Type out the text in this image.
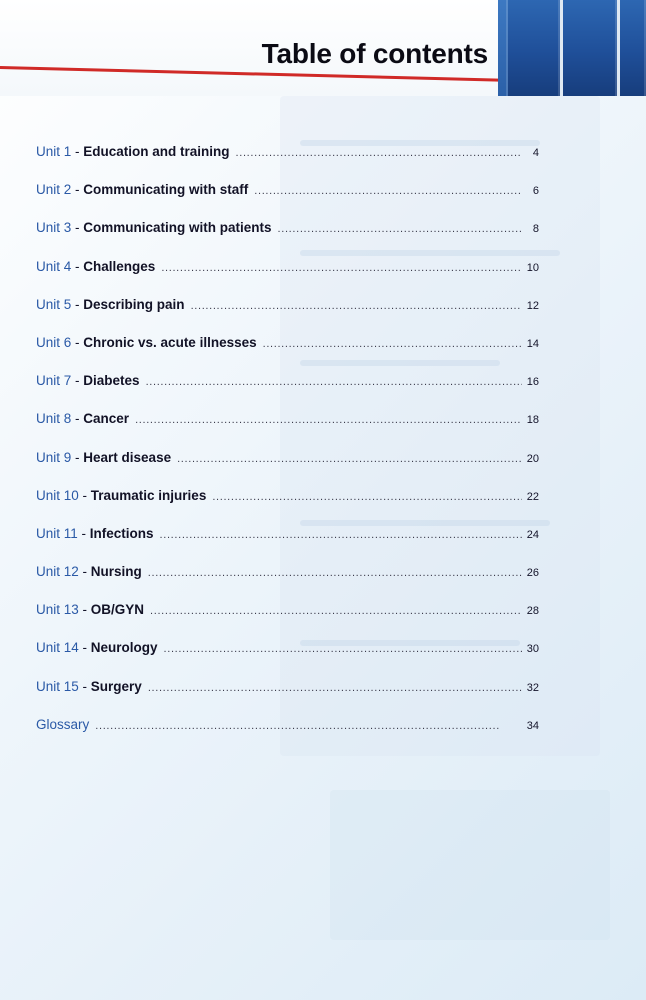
Table of contents
Unit 1 - Education and training . . .	4
Unit 2 - Communicating with staff . . .	6
Unit 3 - Communicating with patients . . .	8
Unit 4 - Challenges . . .	10
Unit 5 - Describing pain . . .	12
Unit 6 - Chronic vs. acute illnesses . . .	14
Unit 7 - Diabetes . . .	16
Unit 8 - Cancer . . .	18
Unit 9 - Heart disease . . .	20
Unit 10 - Traumatic injuries . . .	22
Unit 11 - Infections . . .	24
Unit 12 - Nursing . . .	26
Unit 13 - OB/GYN . . .	28
Unit 14 - Neurology . . .	30
Unit 15 - Surgery . . .	32
Glossary . . .	34
